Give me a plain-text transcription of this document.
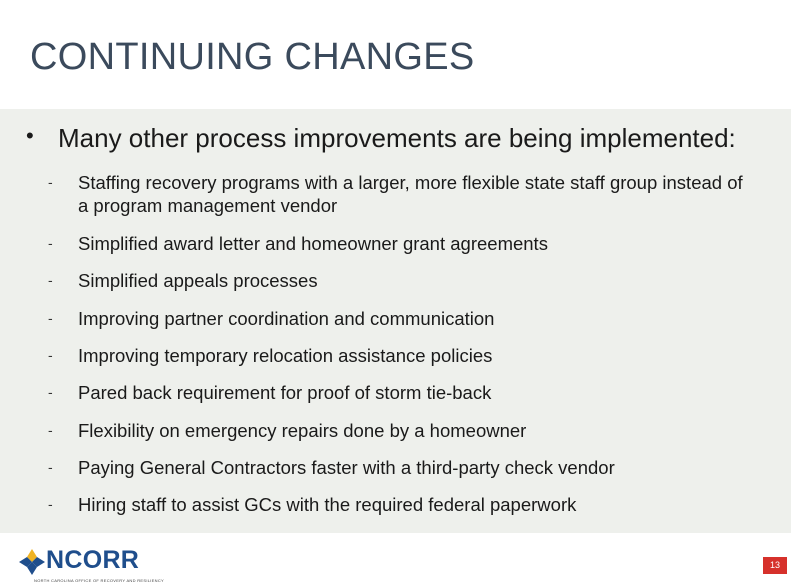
CONTINUING CHANGES
• Many other process improvements are being implemented:
- Staffing recovery programs with a larger, more flexible state staff group instead of a program management vendor
- Simplified award letter and homeowner grant agreements
- Simplified appeals processes
- Improving partner coordination and communication
- Improving temporary relocation assistance policies
- Pared back requirement for proof of storm tie-back
- Flexibility on emergency repairs done by a homeowner
- Paying General Contractors faster with a third-party check vendor
- Hiring staff to assist GCs with the required federal paperwork
NCORR
NORTH CAROLINA OFFICE OF RECOVERY AND RESILIENCY
13
